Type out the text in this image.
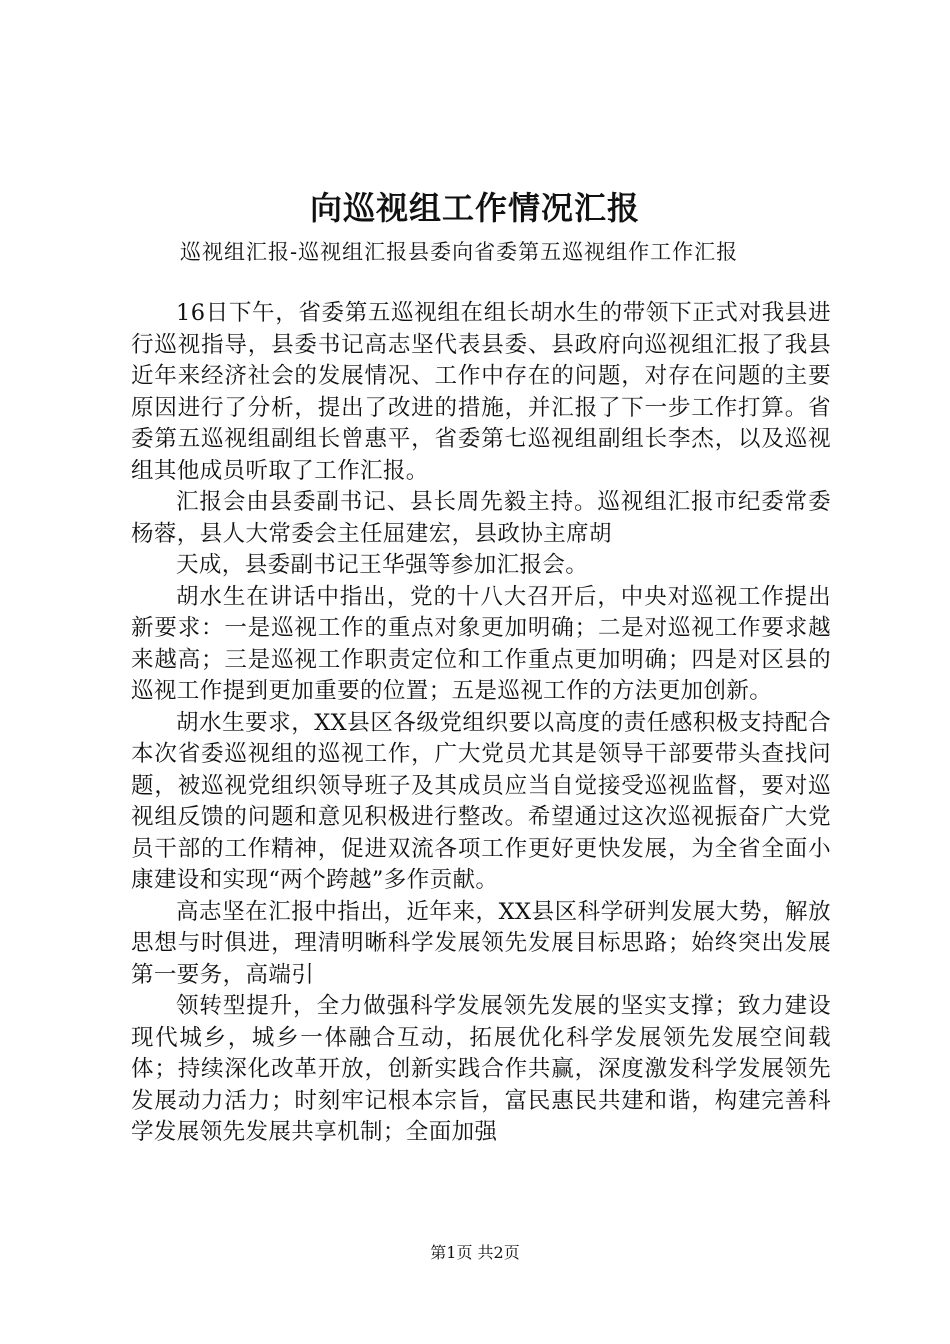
向巡视组工作情况汇报
巡视组汇报-巡视组汇报县委向省委第五巡视组作工作汇报

16日下午，省委第五巡视组在组长胡水生的带领下正式对我县进行巡视指导，县委书记高志坚代表县委、县政府向巡视组汇报了我县近年来经济社会的发展情况、工作中存在的问题，对存在问题的主要原因进行了分析，提出了改进的措施，并汇报了下一步工作打算。省委第五巡视组副组长曾惠平，省委第七巡视组副组长李杰，以及巡视组其他成员听取了工作汇报。

汇报会由县委副书记、县长周先毅主持。巡视组汇报市纪委常委杨蓉，县人大常委会主任屈建宏，县政协主席胡

天成，县委副书记王华强等参加汇报会。

胡水生在讲话中指出，党的十八大召开后，中央对巡视工作提出新要求：一是巡视工作的重点对象更加明确；二是对巡视工作要求越来越高；三是巡视工作职责定位和工作重点更加明确；四是对区县的巡视工作提到更加重要的位置；五是巡视工作的方法更加创新。

胡水生要求，XX县区各级党组织要以高度的责任感积极支持配合本次省委巡视组的巡视工作，广大党员尤其是领导干部要带头查找问题，被巡视党组织领导班子及其成员应当自觉接受巡视监督，要对巡视组反馈的问题和意见积极进行整改。希望通过这次巡视振奋广大党员干部的工作精神，促进双流各项工作更好更快发展，为全省全面小康建设和实现“两个跨越”多作贡献。

高志坚在汇报中指出，近年来，XX县区科学研判发展大势，解放思想与时俱进，理清明晰科学发展领先发展目标思路；始终突出发展第一要务，高端引

领转型提升，全力做强科学发展领先发展的坚实支撑；致力建设现代城乡，城乡一体融合互动，拓展优化科学发展领先发展空间载体；持续深化改革开放，创新实践合作共赢，深度激发科学发展领先发展动力活力；时刻牢记根本宗旨，富民惠民共建和谐，构建完善科学发展领先发展共享机制；全面加强

第1页 共2页
